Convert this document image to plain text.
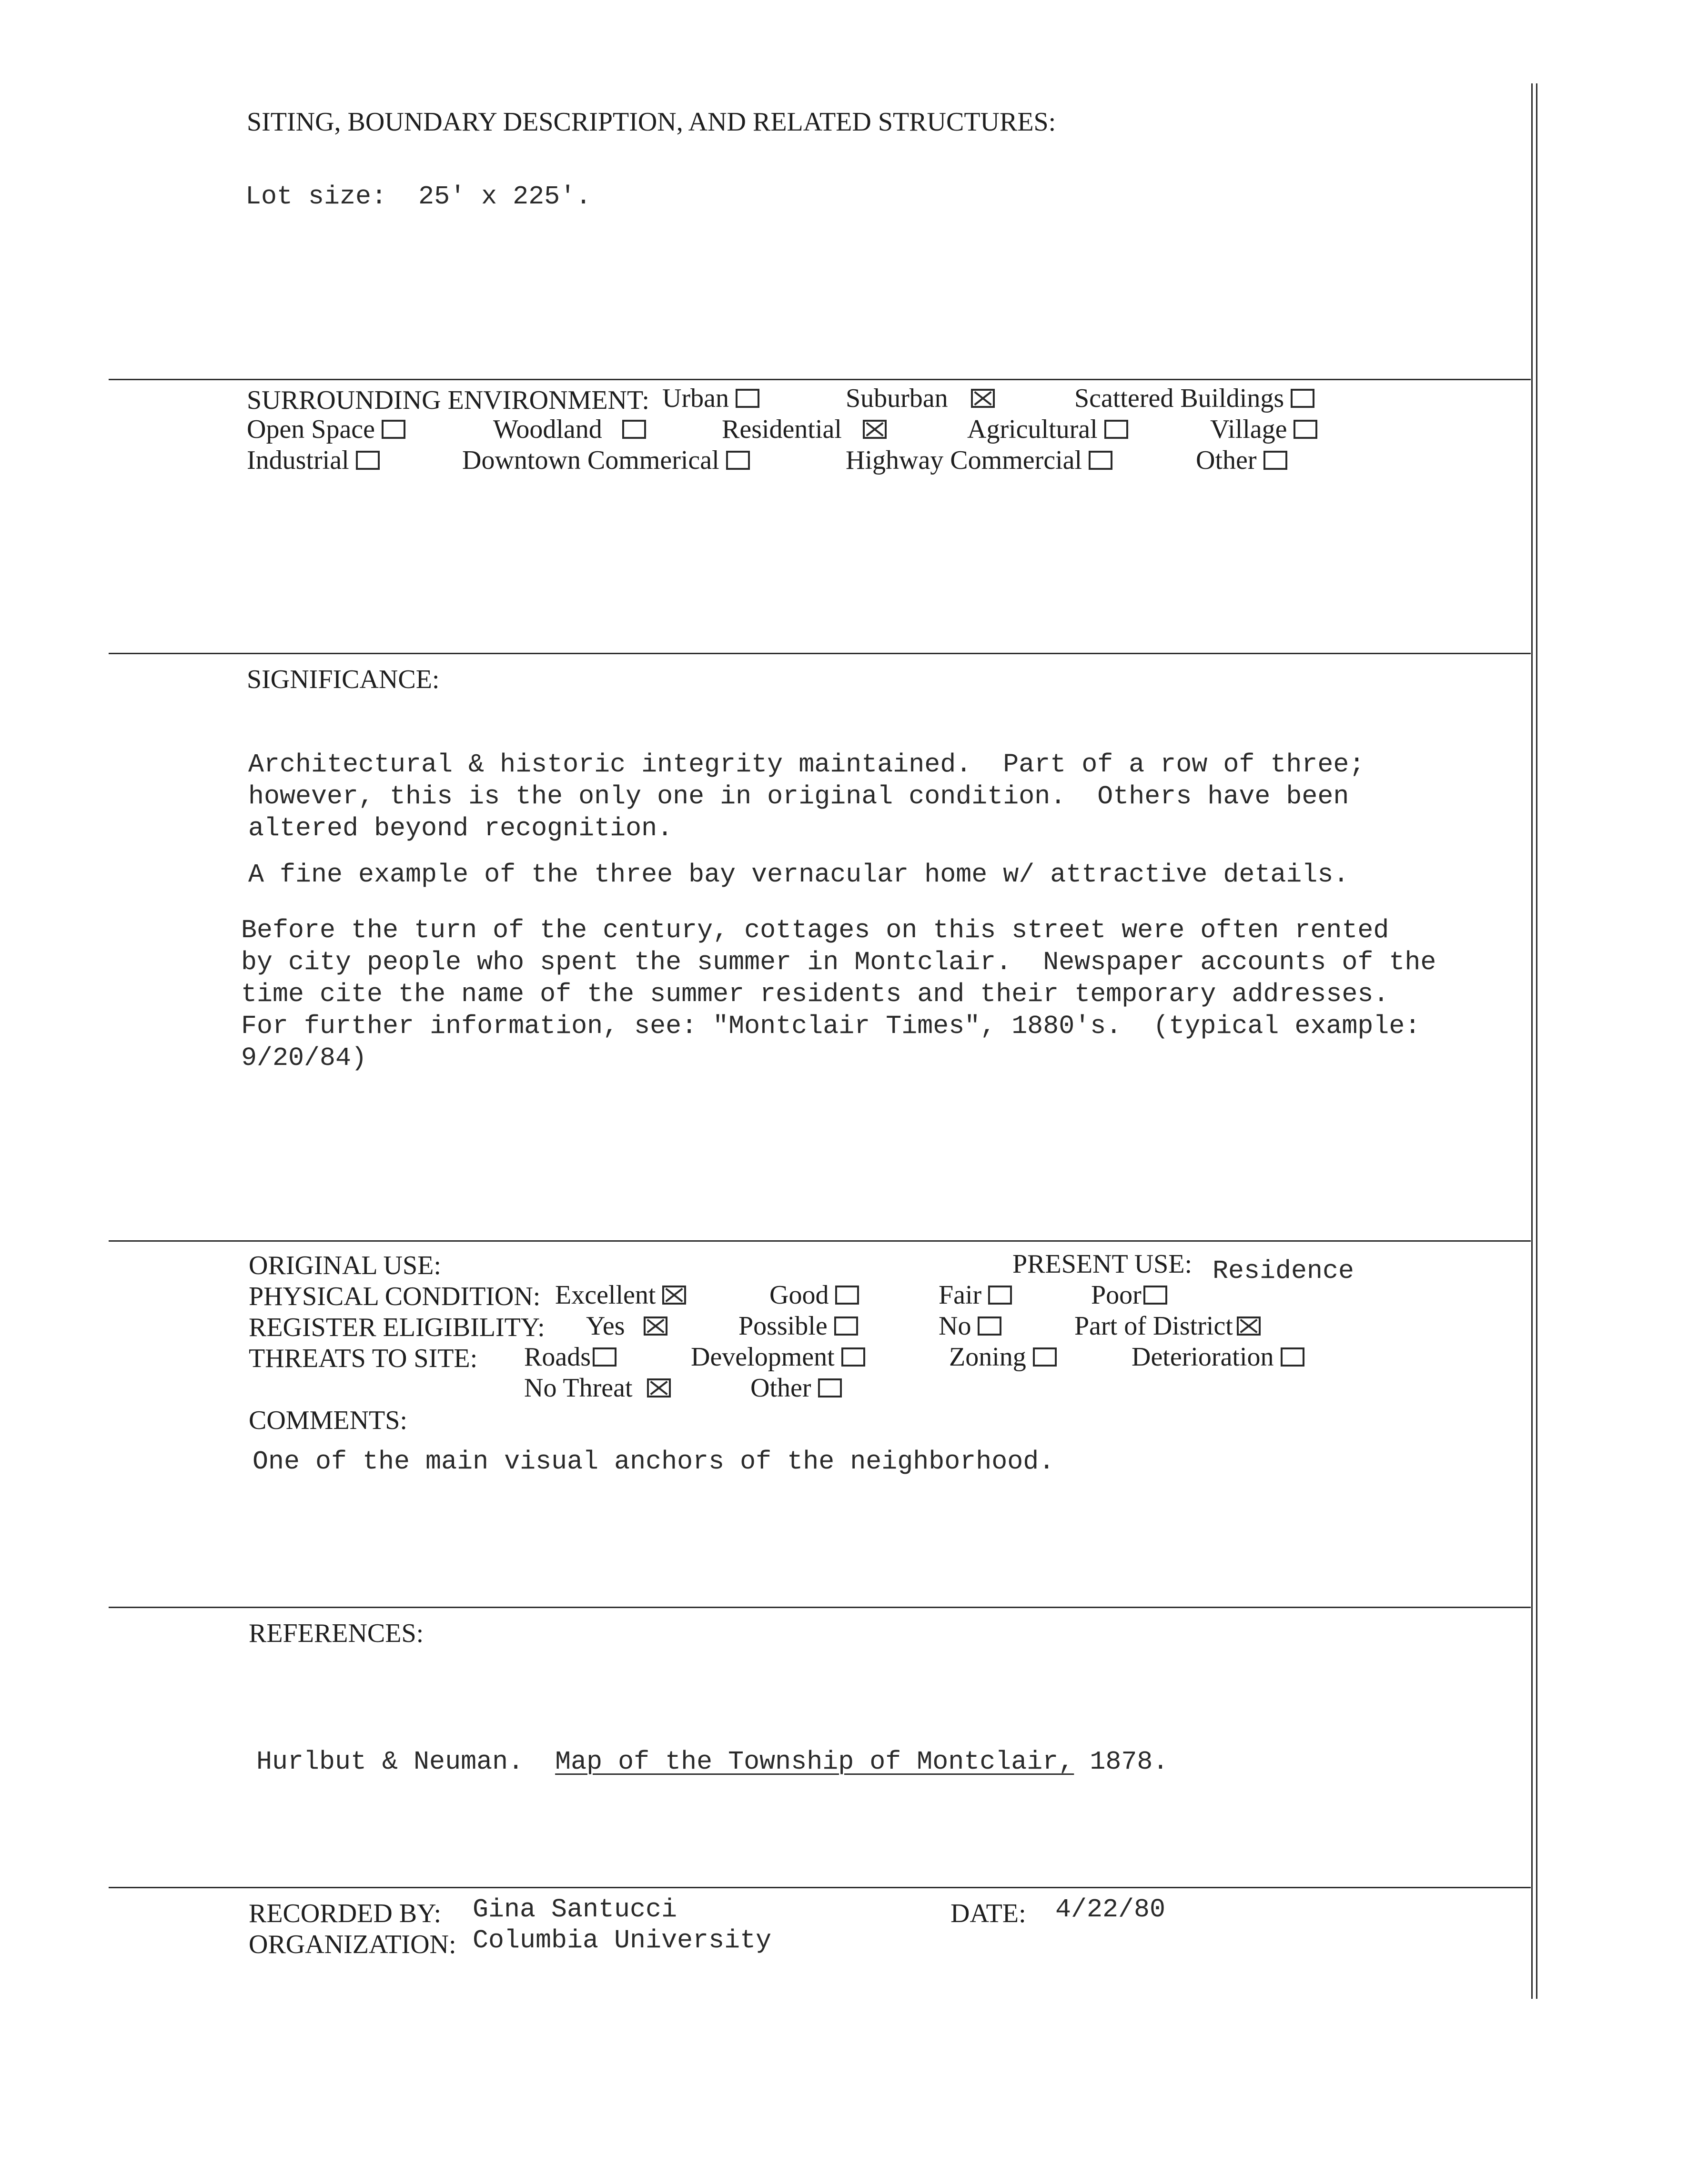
SITING, BOUNDARY DESCRIPTION, AND RELATED STRUCTURES:
Lot size:  25' x 225'.
SURROUNDING ENVIRONMENT: Urban	Suburban	Scattered Buildings
Open Space	Woodland	Residential	Agricultural	Village
Industrial	Downtown Commerical	Highway Commercial	Other
SIGNIFICANCE:
Architectural & historic integrity maintained.  Part of a row of three;
however, this is the only one in original condition.  Others have been
altered beyond recognition.
A fine example of the three bay vernacular home w/ attractive details.
Before the turn of the century, cottages on this street were often rented
by city people who spent the summer in Montclair.  Newspaper accounts of the
time cite the name of the summer residents and their temporary addresses.
For further information, see: "Montclair Times", 1880's.  (typical example:
9/20/84)
ORIGINAL USE:	PRESENT USE: Residence
PHYSICAL CONDITION: Excellent	Good	Fair	Poor
REGISTER ELIGIBILITY: Yes	Possible	No	Part of District
THREATS TO SITE: Roads	Development	Zoning	Deterioration
No Threat	Other
COMMENTS:
One of the main visual anchors of the neighborhood.
REFERENCES:
Hurlbut & Neuman. Map of the Township of Montclair, 1878.
RECORDED BY: Gina Santucci	DATE: 4/22/80
ORGANIZATION: Columbia University
